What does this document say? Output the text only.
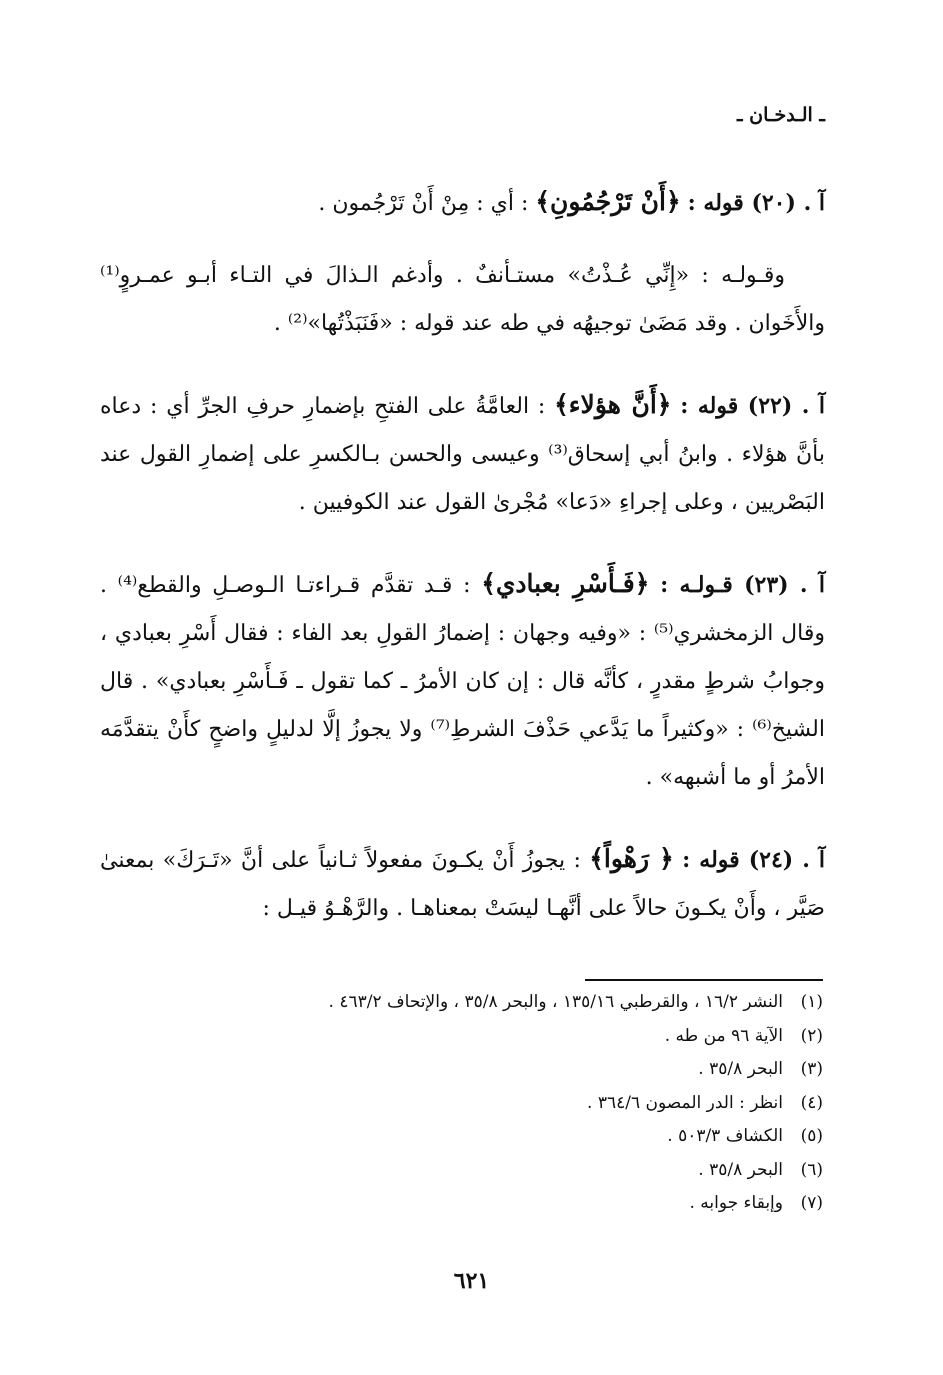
ـ الـدخـان ـ

آ . (٢٠) قوله : ﴿أَنْ تَرْجُمُونِ﴾ : أي : مِنْ أَنْ تَرْجُمون .

وقـولـه : «إِنِّي عُـذْتُ» مستـأنفٌ . وأدغم الـذالَ في التـاء أبـو عمـروٍ⁽¹⁾ والأَخَوان . وقد مَضَىٰ توجيهُه في طه عند قوله : «فَنَبَذْتُها»⁽²⁾ .

آ . (٢٢) قوله : ﴿أَنَّ هؤلاء﴾ : العامَّةُ على الفتحِ بإضمارِ حرفِ الجرِّ أي : دعاه بأنَّ هؤلاء . وابنُ أبي إسحاق⁽³⁾ وعيسى والحسن بـالكسرِ على إضمارِ القول عند البَصْريين ، وعلى إجراءِ «دَعا» مُجْرىٰ القول عند الكوفيين .

آ . (٢٣) قـولـه : ﴿فَـأَسْرِ بعبادي﴾ : قـد تقدَّم قـراءتـا الـوصـلِ والقطع⁽⁴⁾ . وقال الزمخشري⁽⁵⁾ : «وفيه وجهان : إضمارُ القولِ بعد الفاء : فقال أَسْرِ بعبادي ، وجوابُ شرطٍ مقدرٍ ، كأنَّه قال : إن كان الأمرُ ـ كما تقول ـ فَـأَسْرِ بعبادي» . قال الشيخ⁽⁶⁾ : «وكثيراً ما يَدَّعي حَذْفَ الشرطِ⁽⁷⁾ ولا يجوزُ إلَّا لدليلٍ واضحٍ كأَنْ يتقدَّمَه الأمرُ أو ما أشبهه» .

آ . (٢٤) قوله : ﴿ رَهْواً﴾ : يجوزُ أَنْ يكـونَ مفعولاً ثـانياً على أنَّ «تَـرَكَ» بمعنىٰ صَيَّر ، وأَنْ يكـونَ حالاً على أنَّهـا ليسَتْ بمعناهـا . والرَّهْـوُ قيـل :

(١)النشر ١٦/٢ ، والقرطبي ١٣٥/١٦ ، والبحر ٣٥/٨ ، والإتحاف ٤٦٣/٢ .
(٢)الآية ٩٦ من طه .
(٣)البحر ٣٥/٨ .
(٤)انظر : الدر المصون ٣٦٤/٦ .
(٥)الكشاف ٥٠٣/٣ .
(٦)البحر ٣٥/٨ .
(٧)وإبقاء جوابه .
٦٢١
